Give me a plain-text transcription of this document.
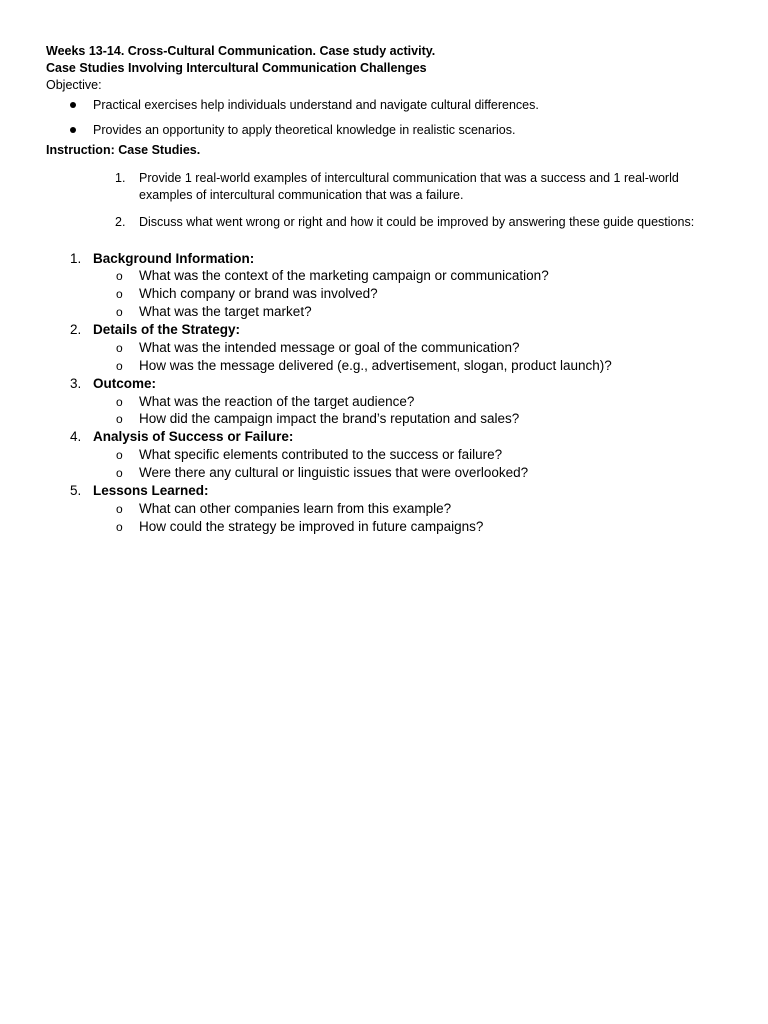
Weeks 13-14. Cross-Cultural Communication. Case study activity.
Case Studies Involving Intercultural Communication Challenges
Objective:
Practical exercises help individuals understand and navigate cultural differences.
Provides an opportunity to apply theoretical knowledge in realistic scenarios.
Instruction: Case Studies.
1. Provide 1 real-world examples of intercultural communication that was a success and 1 real-world
examples of intercultural communication that was a failure.
2. Discuss what went wrong or right and how it could be improved by answering these guide questions:
1. Background Information:
o What was the context of the marketing campaign or communication?
o Which company or brand was involved?
o What was the target market?
2. Details of the Strategy:
o What was the intended message or goal of the communication?
o How was the message delivered (e.g., advertisement, slogan, product launch)?
3. Outcome:
o What was the reaction of the target audience?
o How did the campaign impact the brand’s reputation and sales?
4. Analysis of Success or Failure:
o What specific elements contributed to the success or failure?
o Were there any cultural or linguistic issues that were overlooked?
5. Lessons Learned:
o What can other companies learn from this example?
o How could the strategy be improved in future campaigns?
